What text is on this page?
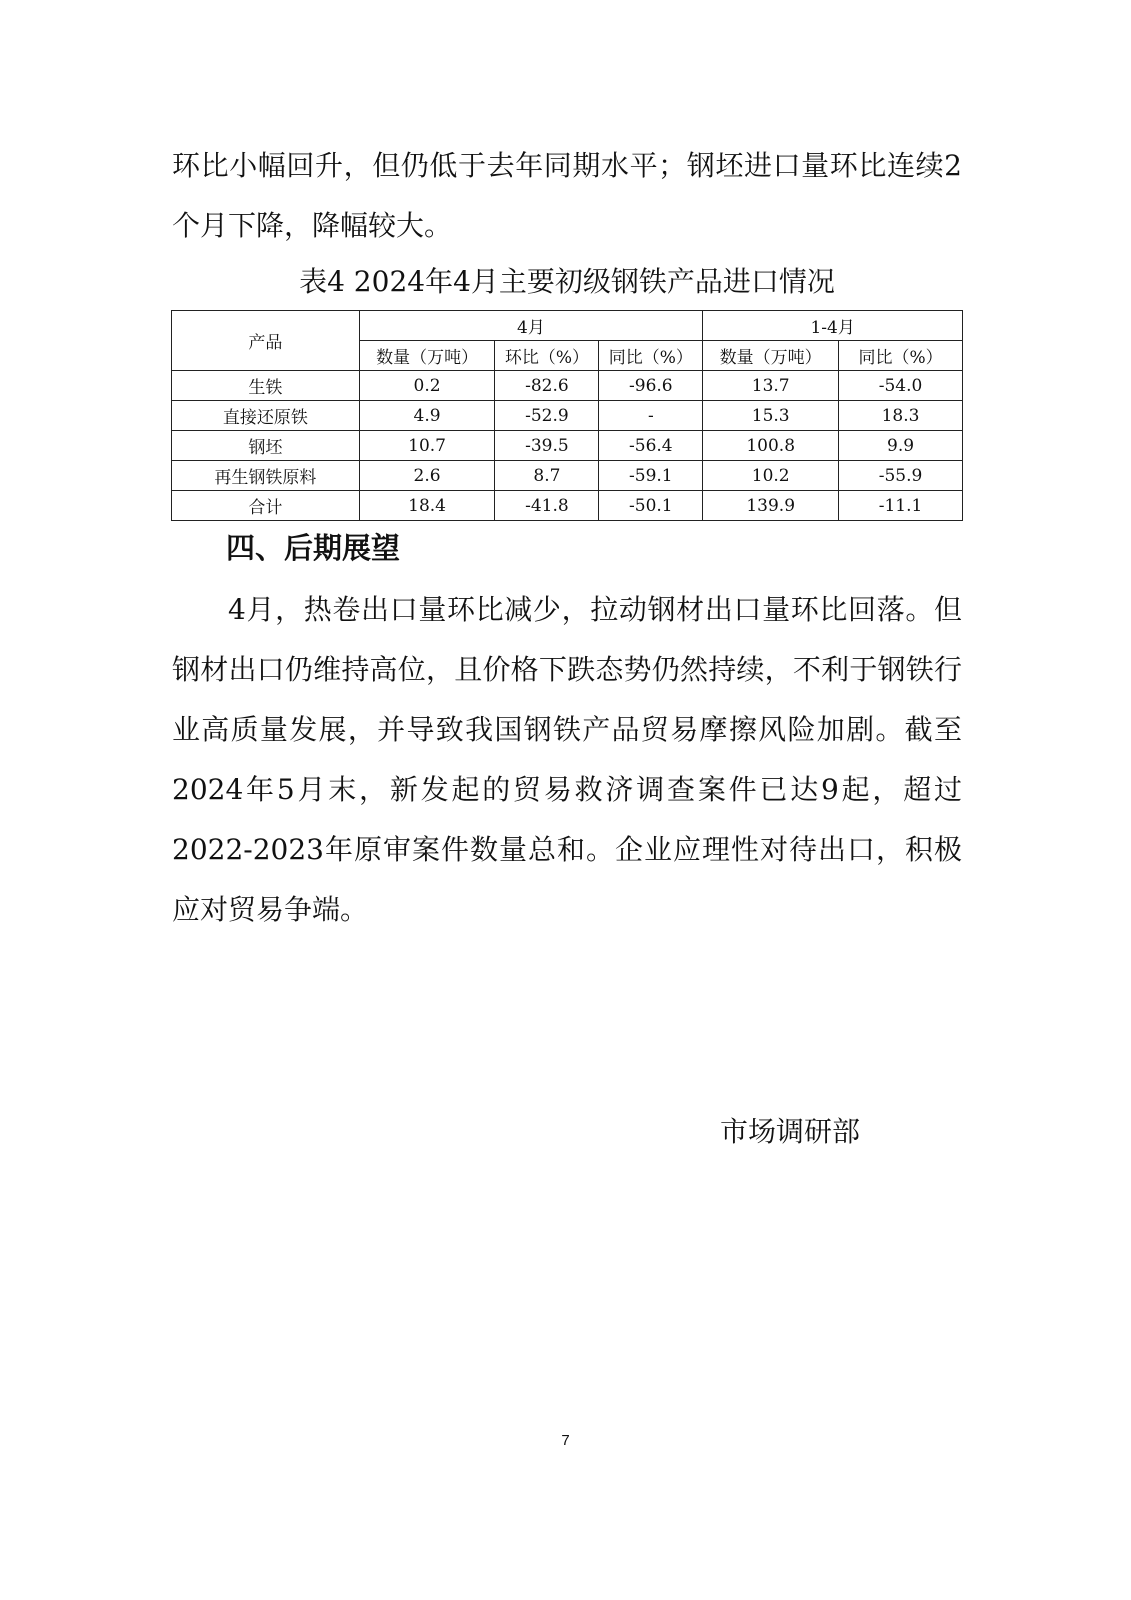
环比小幅回升，但仍低于去年同期水平；钢坯进口量环比连续2个月下降，降幅较大。

表4 2024年4月主要初级钢铁产品进口情况

产品	4月			1-4月	
	数量（万吨）	环比（%）	同比（%）	数量（万吨）	同比（%）
生铁	0.2	-82.6	-96.6	13.7	-54.0
直接还原铁	4.9	-52.9	-	15.3	18.3
钢坯	10.7	-39.5	-56.4	100.8	9.9
再生钢铁原料	2.6	8.7	-59.1	10.2	-55.9
合计	18.4	-41.8	-50.1	139.9	-11.1
四、后期展望

4月，热卷出口量环比减少，拉动钢材出口量环比回落。但钢材出口仍维持高位，且价格下跌态势仍然持续，不利于钢铁行业高质量发展，并导致我国钢铁产品贸易摩擦风险加剧。截至2024年5月末，新发起的贸易救济调查案件已达9起，超过2022-2023年原审案件数量总和。企业应理性对待出口，积极应对贸易争端。

市场调研部

7
